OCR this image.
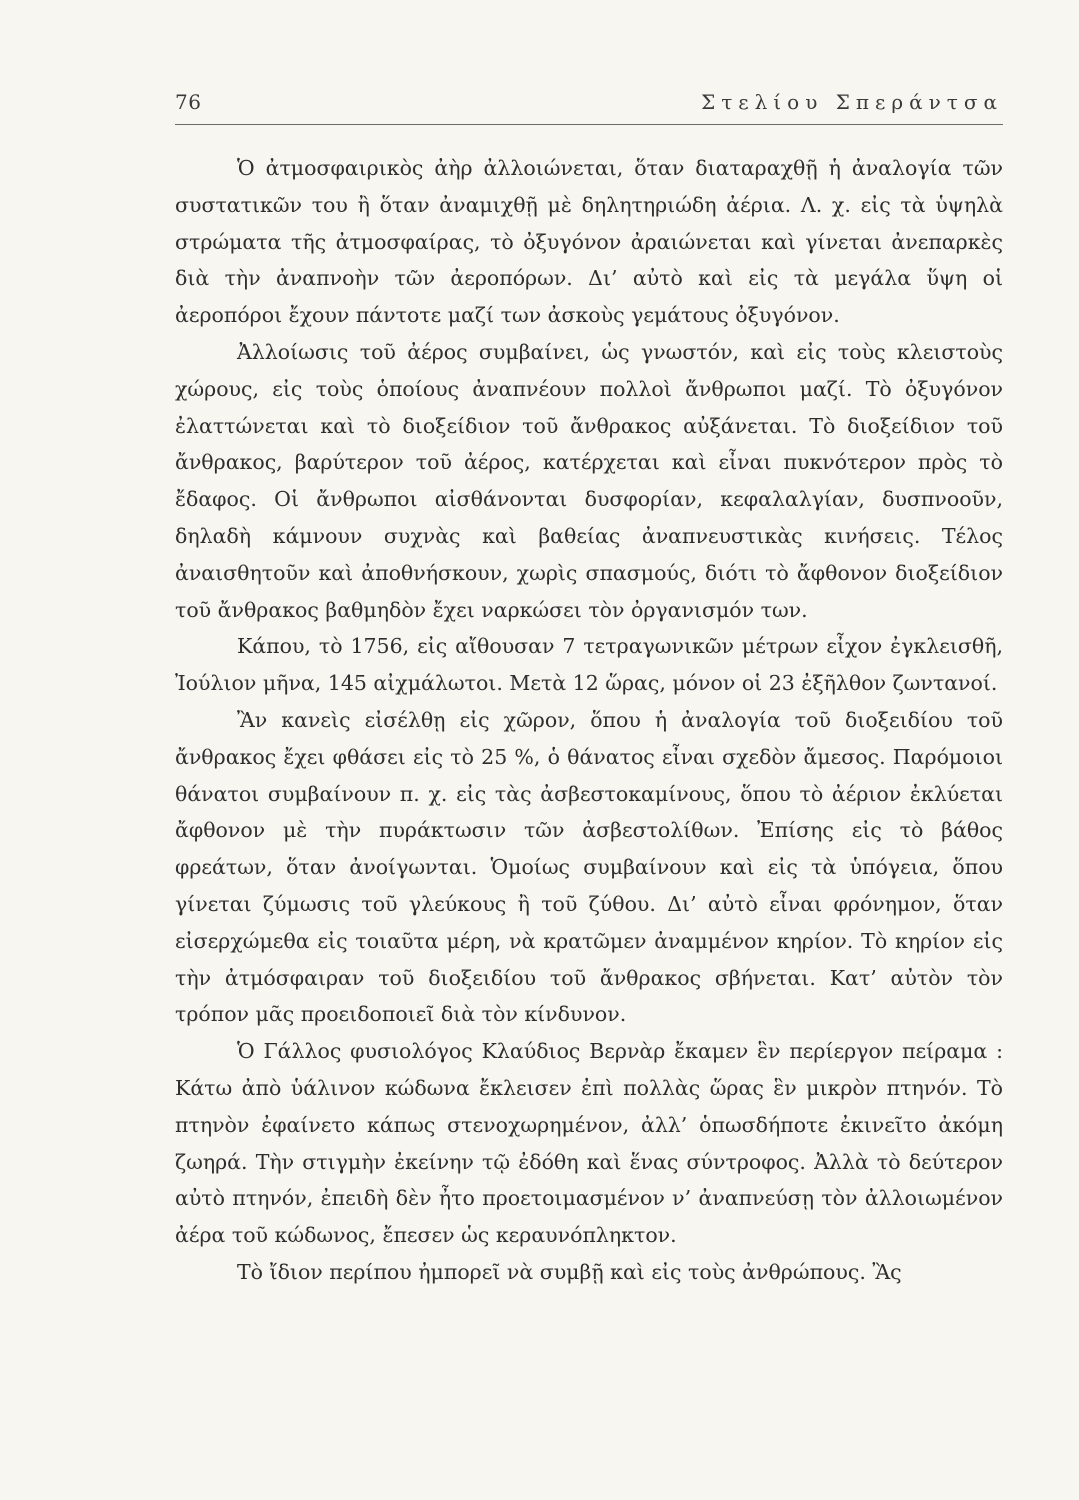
76	Στελίου Σπεράντσα

Ὁ ἀτμοσφαιρικὸς ἀὴρ ἀλλοιώνεται, ὅταν διαταραχθῇ ἡ ἀναλογία τῶν συστατικῶν του ἢ ὅταν ἀναμιχθῇ μὲ δηλητηριώδη ἀέρια. Λ. χ. εἰς τὰ ὑψηλὰ στρώματα τῆς ἀτμοσφαίρας, τὸ ὀξυγόνον ἀραιώνεται καὶ γίνεται ἀνεπαρκὲς διὰ τὴν ἀναπνοὴν τῶν ἀεροπόρων. Δι’ αὐτὸ καὶ εἰς τὰ μεγάλα ὕψη οἱ ἀεροπόροι ἔχουν πάντοτε μαζί των ἀσκοὺς γεμάτους ὀξυγόνον.

Ἀλλοίωσις τοῦ ἀέρος συμβαίνει, ὡς γνωστόν, καὶ εἰς τοὺς κλειστοὺς χώρους, εἰς τοὺς ὁποίους ἀναπνέουν πολλοὶ ἄνθρωποι μαζί. Τὸ ὀξυγόνον ἐλαττώνεται καὶ τὸ διοξείδιον τοῦ ἄνθρακος αὐξάνεται. Τὸ διοξείδιον τοῦ ἄνθρακος, βαρύτερον τοῦ ἀέρος, κατέρχεται καὶ εἶναι πυκνότερον πρὸς τὸ ἔδαφος. Οἱ ἄνθρωποι αἰσθάνονται δυσφορίαν, κεφαλαλγίαν, δυσπνοοῦν, δηλαδὴ κάμνουν συχνὰς καὶ βαθείας ἀναπνευστικὰς κινήσεις. Τέλος ἀναισθητοῦν καὶ ἀποθνήσκουν, χωρὶς σπασμούς, διότι τὸ ἄφθονον διοξείδιον τοῦ ἄνθρακος βαθμηδὸν ἔχει ναρκώσει τὸν ὀργανισμόν των.

Κάπου, τὸ 1756, εἰς αἴθουσαν 7 τετραγωνικῶν μέτρων εἶχον ἐγκλεισθῆ, Ἰούλιον μῆνα, 145 αἰχμάλωτοι. Μετὰ 12 ὥρας, μόνον οἱ 23 ἐξῆλθον ζωντανοί.

Ἂν κανεὶς εἰσέλθῃ εἰς χῶρον, ὅπου ἡ ἀναλογία τοῦ διοξειδίου τοῦ ἄνθρακος ἔχει φθάσει εἰς τὸ 25 %, ὁ θάνατος εἶναι σχεδὸν ἄμεσος. Παρόμοιοι θάνατοι συμβαίνουν π. χ. εἰς τὰς ἀσβεστοκαμίνους, ὅπου τὸ ἀέριον ἐκλύεται ἄφθονον μὲ τὴν πυράκτωσιν τῶν ἀσβεστολίθων. Ἐπίσης εἰς τὸ βάθος φρεάτων, ὅταν ἀνοίγωνται. Ὁμοίως συμβαίνουν καὶ εἰς τὰ ὑπόγεια, ὅπου γίνεται ζύμωσις τοῦ γλεύκους ἢ τοῦ ζύθου. Δι’ αὐτὸ εἶναι φρόνημον, ὅταν εἰσερχώμεθα εἰς τοιαῦτα μέρη, νὰ κρατῶμεν ἀναμμένον κηρίον. Τὸ κηρίον εἰς τὴν ἀτμόσφαιραν τοῦ διοξειδίου τοῦ ἄνθρακος σβήνεται. Κατ’ αὐτὸν τὸν τρόπον μᾶς προειδοποιεῖ διὰ τὸν κίνδυνον.

Ὁ Γάλλος φυσιολόγος Κλαύδιος Βερνὰρ ἔκαμεν ἓν περίεργον πείραμα : Κάτω ἀπὸ ὑάλινον κώδωνα ἔκλεισεν ἐπὶ πολλὰς ὥρας ἓν μικρὸν πτηνόν. Τὸ πτηνὸν ἐφαίνετο κάπως στενοχωρημένον, ἀλλ’ ὁπωσδήποτε ἐκινεῖτο ἀκόμη ζωηρά. Τὴν στιγμὴν ἐκείνην τῷ ἐδόθη καὶ ἕνας σύντροφος. Ἀλλὰ τὸ δεύτερον αὐτὸ πτηνόν, ἐπειδὴ δὲν ἦτο προετοιμασμένον ν’ ἀναπνεύσῃ τὸν ἀλλοιωμένον ἀέρα τοῦ κώδωνος, ἔπεσεν ὡς κεραυνόπληκτον.

Τὸ ἴδιον περίπου ἠμπορεῖ νὰ συμβῇ καὶ εἰς τοὺς ἀνθρώπους. Ἂς
